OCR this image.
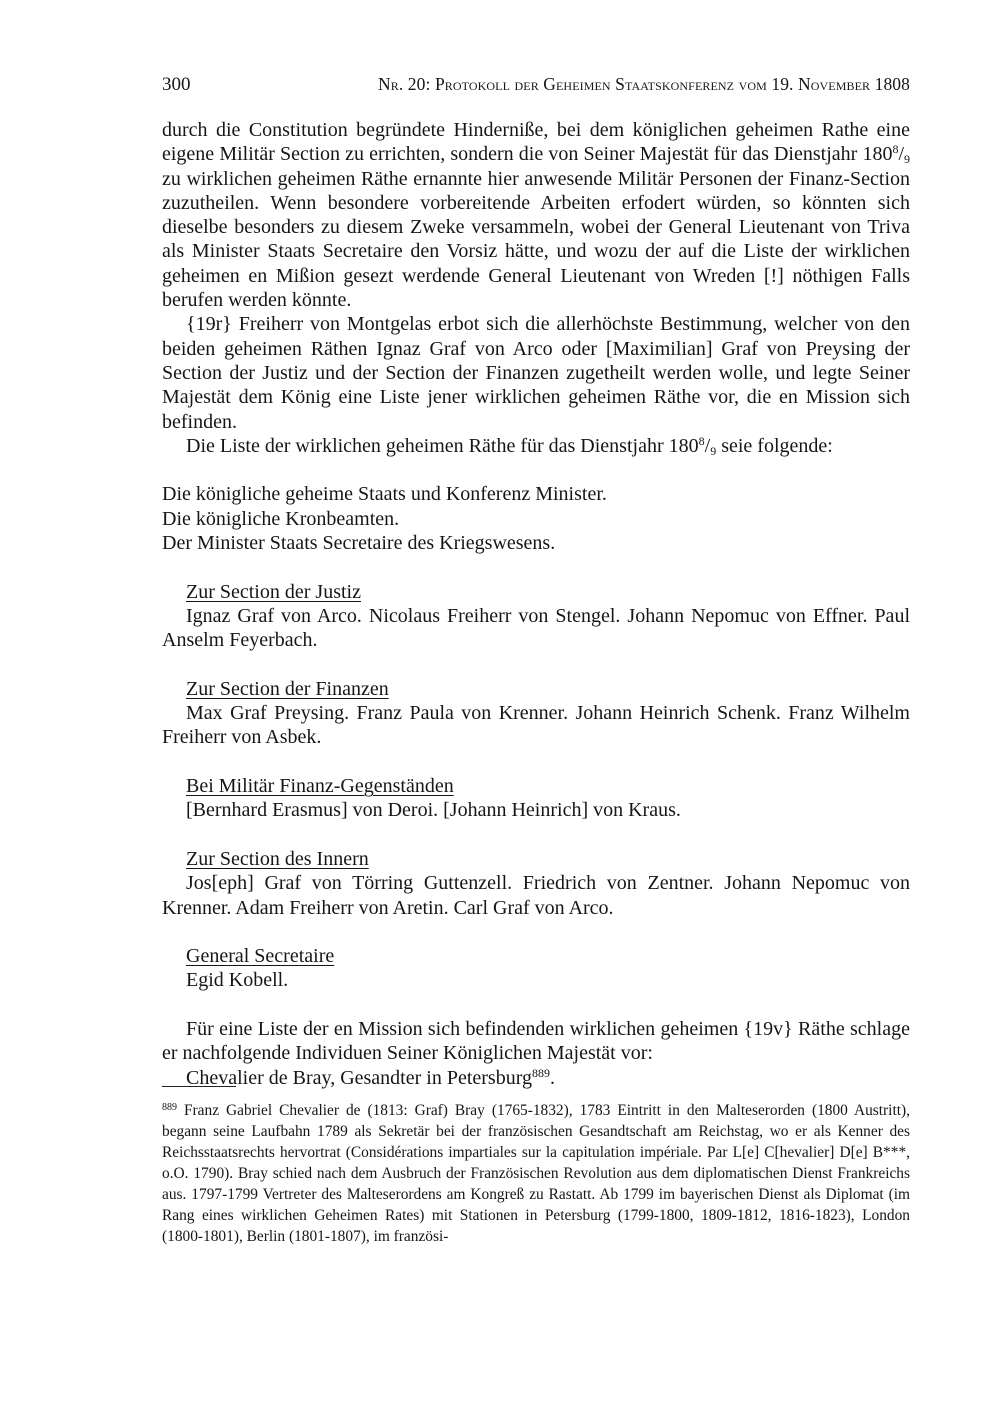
300	Nr. 20: Protokoll der Geheimen Staatskonferenz vom 19. November 1808

durch die Constitution begründete Hinderniße, bei dem königlichen geheimen Rathe eine eigene Militär Section zu errichten, sondern die von Seiner Majestät für das Dienstjahr $180^8/_9$ zu wirklichen geheimen Räthe ernannte hier anwesende Militär Personen der Finanz-Section zuzutheilen. Wenn besondere vorbereitende Arbeiten erfodert würden, so könnten sich dieselbe besonders zu diesem Zweke versammeln, wobei der General Lieutenant von Triva als Minister Staats Secretaire den Vorsiz hätte, und wozu der auf die Liste der wirklichen geheimen en Mißion gesezt werdende General Lieutenant von Wreden [!] nöthigen Falls berufen werden könnte.

{19r} Freiherr von Montgelas erbot sich die allerhöchste Bestimmung, welcher von den beiden geheimen Räthen Ignaz Graf von Arco oder [Maximilian] Graf von Preysing der Section der Justiz und der Section der Finanzen zugetheilt werden wolle, und legte Seiner Majestät dem König eine Liste jener wirklichen geheimen Räthe vor, die en Mission sich befinden.

Die Liste der wirklichen geheimen Räthe für das Dienstjahr $180^8/_9$ seie folgende:

Die königliche geheime Staats und Konferenz Minister.

Die königliche Kronbeamten.

Der Minister Staats Secretaire des Kriegswesens.

Zur Section der Justiz

Ignaz Graf von Arco. Nicolaus Freiherr von Stengel. Johann Nepomuc von Effner. Paul Anselm Feyerbach.

Zur Section der Finanzen

Max Graf Preysing. Franz Paula von Krenner. Johann Heinrich Schenk. Franz Wilhelm Freiherr von Asbek.

Bei Militär Finanz-Gegenständen

[Bernhard Erasmus] von Deroi. [Johann Heinrich] von Kraus.

Zur Section des Innern

Jos[eph] Graf von Törring Guttenzell. Friedrich von Zentner. Johann Nepomuc von Krenner. Adam Freiherr von Aretin. Carl Graf von Arco.

General Secretaire

Egid Kobell.

Für eine Liste der en Mission sich befindenden wirklichen geheimen {19v} Räthe schlage er nachfolgende Individuen Seiner Königlichen Majestät vor:

Chevalier de Bray, Gesandter in Petersburg$^{889}$.

$^{889}$ Franz Gabriel Chevalier de (1813: Graf) Bray (1765-1832), 1783 Eintritt in den Malteserorden (1800 Austritt), begann seine Laufbahn 1789 als Sekretär bei der französischen Gesandtschaft am Reichstag, wo er als Kenner des Reichsstaatsrechts hervortrat (Considérations impartiales sur la capitulation impériale. Par L[e] C[hevalier] D[e] B***, o.O. 1790). Bray schied nach dem Ausbruch der Französischen Revolution aus dem diplomatischen Dienst Frankreichs aus. 1797-1799 Vertreter des Malteserordens am Kongreß zu Rastatt. Ab 1799 im bayerischen Dienst als Diplomat (im Rang eines wirklichen Geheimen Rates) mit Stationen in Petersburg (1799-1800, 1809-1812, 1816-1823), London (1800-1801), Berlin (1801-1807), im französi-
